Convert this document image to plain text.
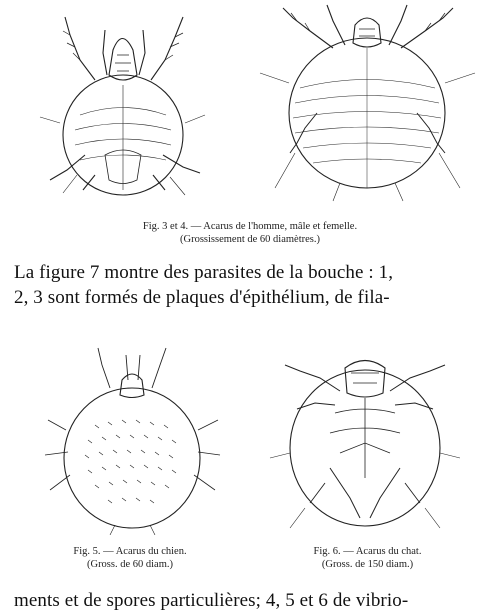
Fig. 3 et 4. — Acarus de l'homme, mâle et femelle.
(Grossissement de 60 diamètres.)
La figure 7 montre des parasites de la bouche : 1,
2, 3 sont formés de plaques d'épithélium, de fila-
Fig. 5. — Acarus du chien.
(Gross. de 60 diam.)
Fig. 6. — Acarus du chat.
(Gross. de 150 diam.)
ments et de spores particulières; 4, 5 et 6 de vibrio-
